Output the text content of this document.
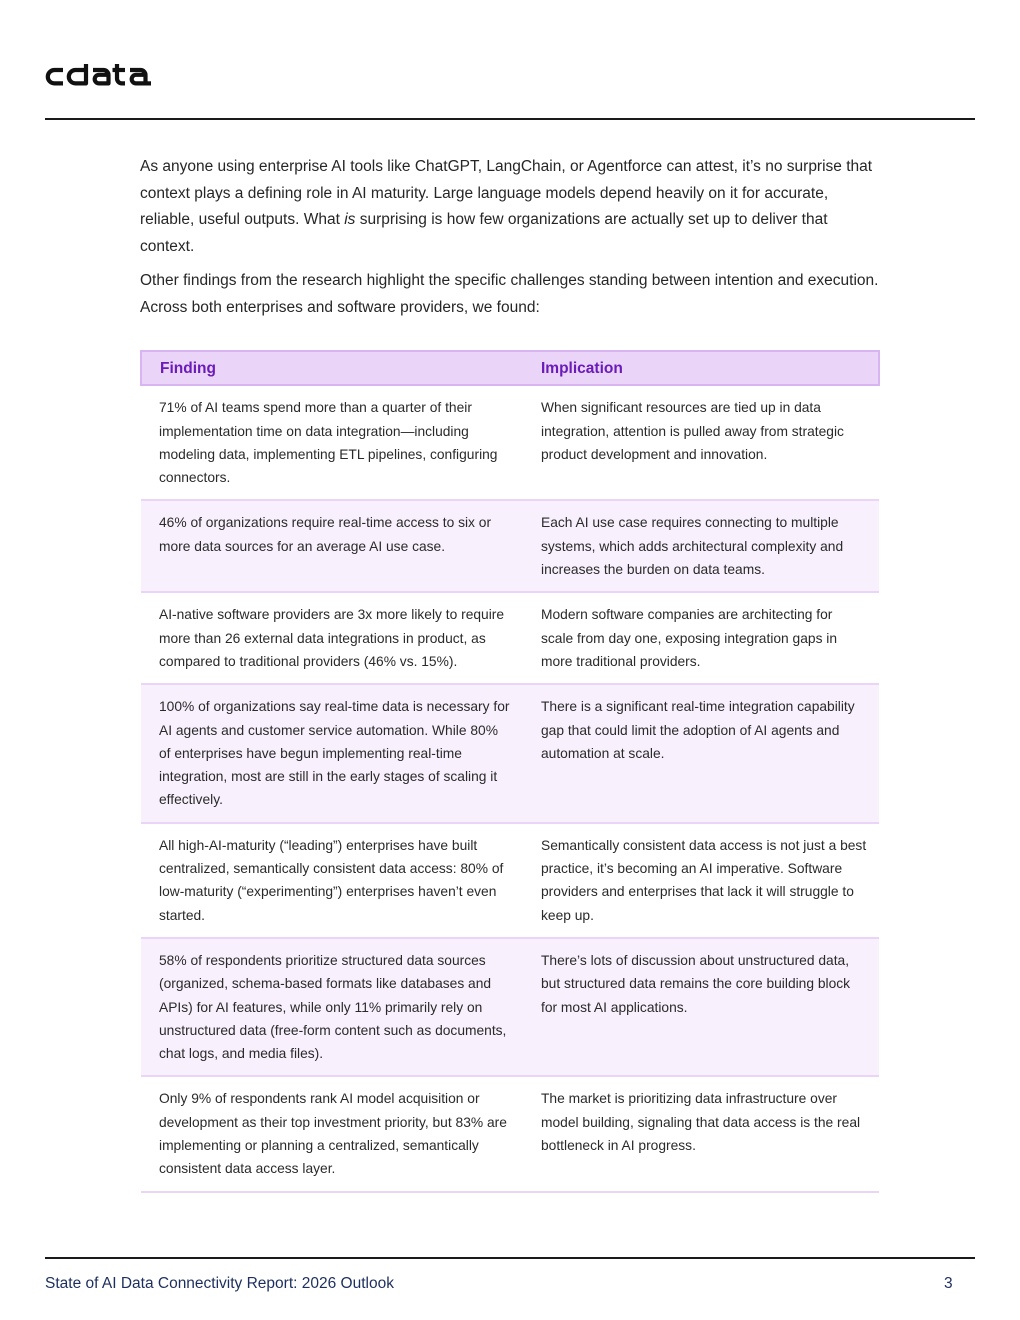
As anyone using enterprise AI tools like ChatGPT, LangChain, or Agentforce can attest, it’s no surprise that context plays a defining role in AI maturity. Large language models depend heavily on it for accurate, reliable, useful outputs. What is surprising is how few organizations are actually set up to deliver that context.

Other findings from the research highlight the specific challenges standing between intention and execution. Across both enterprises and software providers, we found:

Finding	Implication
71% of AI teams spend more than a quarter of their implementation time on data integration—including modeling data, implementing ETL pipelines, configuring connectors.	When significant resources are tied up in data integration, attention is pulled away from strategic product development and innovation.
46% of organizations require real-time access to six or more data sources for an average AI use case.	Each AI use case requires connecting to multiple systems, which adds architectural complexity and increases the burden on data teams.
AI-native software providers are 3x more likely to require more than 26 external data integrations in product, as compared to traditional providers (46% vs. 15%).	Modern software companies are architecting for scale from day one, exposing integration gaps in more traditional providers.
100% of organizations say real-time data is necessary for AI agents and customer service automation. While 80% of enterprises have begun implementing real-time integration, most are still in the early stages of scaling it effectively.	There is a significant real-time integration capability gap that could limit the adoption of AI agents and automation at scale.
All high-AI-maturity (“leading”) enterprises have built centralized, semantically consistent data access: 80% of low-maturity (“experimenting”) enterprises haven’t even started.	Semantically consistent data access is not just a best practice, it’s becoming an AI imperative. Software providers and enterprises that lack it will struggle to keep up.
58% of respondents prioritize structured data sources (organized, schema-based formats like databases and APIs) for AI features, while only 11% primarily rely on unstructured data (free-form content such as documents, chat logs, and media files).	There’s lots of discussion about unstructured data, but structured data remains the core building block for most AI applications.
Only 9% of respondents rank AI model acquisition or development as their top investment priority, but 83% are implementing or planning a centralized, semantically consistent data access layer.	The market is prioritizing data infrastructure over model building, signaling that data access is the real bottleneck in AI progress.
State of AI Data Connectivity Report: 2026 Outlook	3
